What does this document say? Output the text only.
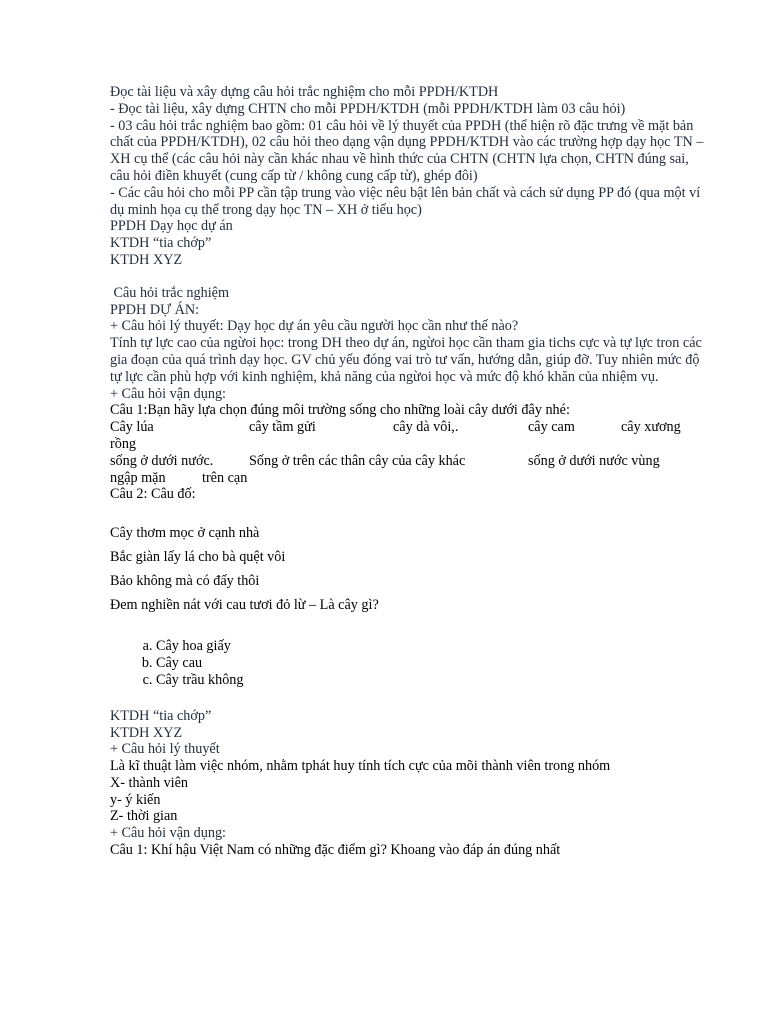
Đọc tài liệu và xây dựng câu hỏi trắc nghiệm cho mỗi PPDH/KTDH

- Đọc tài liệu, xây dựng CHTN cho mỗi PPDH/KTDH (mỗi PPDH/KTDH làm 03 câu hỏi)

- 03 câu hỏi trắc nghiệm bao gồm: 01 câu hỏi về lý thuyết của PPDH (thể hiện rõ đặc trưng về mặt bản chất của PPDH/KTDH), 02 câu hỏi theo dạng vận dụng PPDH/KTDH vào các trường hợp dạy học TN – XH cụ thể (các câu hỏi này cần khác nhau về hình thức của CHTN (CHTN lựa chọn, CHTN đúng sai, câu hỏi điền khuyết (cung cấp từ / không cung cấp từ), ghép đôi)

- Các câu hỏi cho mỗi PP cần tập trung vào việc nêu bật lên bản chất và cách sử dụng PP đó (qua một ví dụ minh họa cụ thể trong dạy học TN – XH ở tiểu học)

PPDH Dạy học dự án

KTDH “tia chớp”

KTDH XYZ

Câu hỏi trắc nghiệm

PPDH DỰ ÁN:

+ Câu hỏi lý thuyết: Dạy học dự án yêu cầu người học cần như thế nào?

Tính tự lực cao của ngừoi học: trong DH theo dự án, ngừoi học cần tham gia tichs cực và tự lực tron các gia đoạn của quá trình dạy học. GV chủ yếu đóng vai trò tư vấn, hướng dẫn, giúp đỡ. Tuy nhiên mức độ tự lực cần phù hợp với kinh nghiệm, khả năng của ngừoi học và mức độ khó khăn của nhiệm vụ.

+ Câu hỏi vận dụng:

Câu 1:Bạn hãy lựa chọn đúng môi trường sống cho những loài cây dưới đây nhé:

Cây lúa	cây tầm gửi	cây dà vôi,.	cây cam	cây xương

rồng

sống ở dưới nước.	Sống ở trên các thân cây của cây khác	sống ở dưới nước vùng
ngập mặn	trên cạn

Câu 2: Câu đố:

Cây thơm mọc ở cạnh nhà

Bắc giàn lấy lá cho bà quệt vôi

Bảo không mà có đấy thôi

Đem nghiền nát với cau tươi đỏ lừ – Là cây gì?

a. Cây hoa giấy
b. Cây cau
c. Cây trầu không

KTDH “tia chớp”

KTDH XYZ

+ Câu hỏi lý thuyết

Là kĩ thuật làm việc nhóm, nhằm tphát huy tính tích cực của mõi thành viên trong nhóm

X- thành viên

y- ý kiến

Z- thời gian

+ Câu hỏi vận dụng:

Câu 1: Khí hậu Việt Nam có những đặc điểm gì? Khoang vào đáp án đúng nhất
